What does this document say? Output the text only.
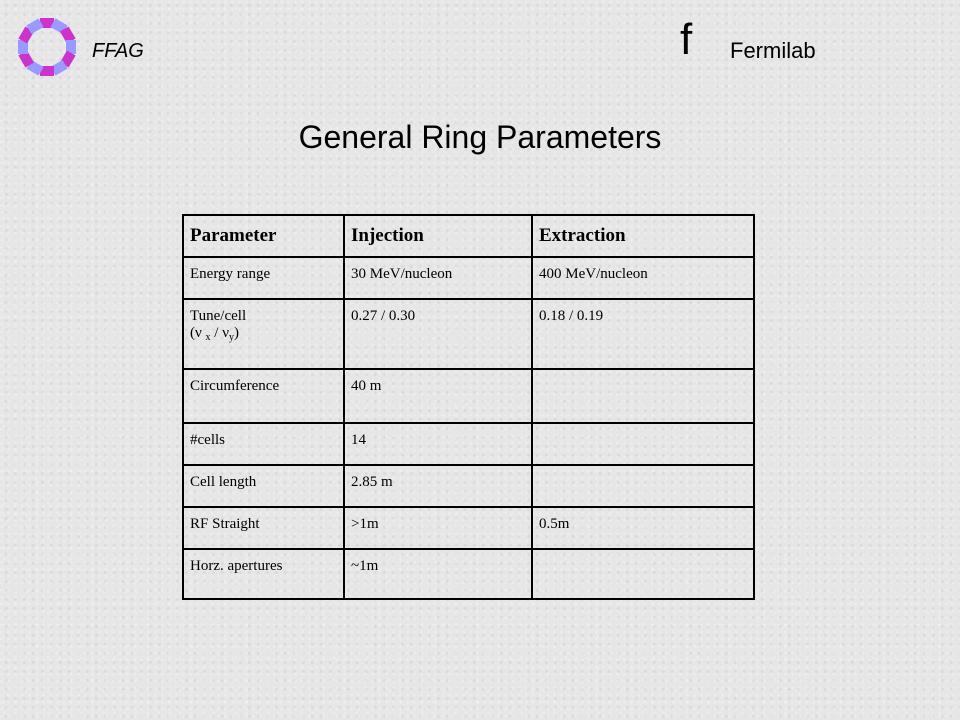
FFAG	f Fermilab
General Ring Parameters
Parameter	Injection	Extraction
Energy range	30 MeV/nucleon	400 MeV/nucleon
Tune/cell
(ν $_x / \nu_y$)	0.27 / 0.30	0.18 / 0.19
Circumference	40 m	
#cells	14	
Cell length	2.85 m	
RF Straight	>1m	0.5m
Horz. apertures	~1m	
